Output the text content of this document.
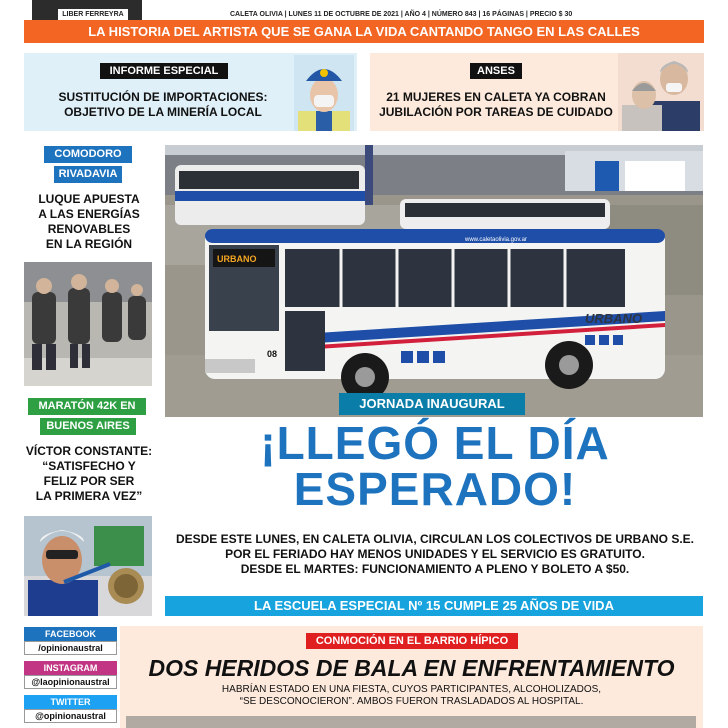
LIBER FERREYRA	CALETA OLIVIA | LUNES 11 DE OCTUBRE DE 2021 | AÑO 4 | NÚMERO 843 | 16 PÁGINAS | PRECIO $ 30
LA HISTORIA DEL ARTISTA QUE SE GANA LA VIDA CANTANDO TANGO EN LAS CALLES
INFORME ESPECIAL
SUSTITUCIÓN DE IMPORTACIONES:
OBJETIVO DE LA MINERÍA LOCAL
ANSES
21 MUJERES EN CALETA YA COBRAN
JUBILACIÓN POR TAREAS DE CUIDADO
COMODORO
RIVADAVIA
LUQUE APUESTA
A LAS ENERGÍAS
RENOVABLES
EN LA REGIÓN
MARATÓN 42K EN
BUENOS AIRES
VÍCTOR CONSTANTE:
“SATISFECHO Y
FELIZ POR SER
LA PRIMERA VEZ”
URBANO
URBANO
www.caletaolivia.gov.ar
08
JORNADA INAUGURAL
¡LLEGÓ EL DÍA
ESPERADO!
DESDE ESTE LUNES, EN CALETA OLIVIA, CIRCULAN LOS COLECTIVOS DE URBANO S.E.
POR EL FERIADO HAY MENOS UNIDADES Y EL SERVICIO ES GRATUITO.
DESDE EL MARTES: FUNCIONAMIENTO A PLENO Y BOLETO A $50.
LA ESCUELA ESPECIAL Nº 15 CUMPLE 25 AÑOS DE VIDA
FACEBOOK
/opinionaustral
INSTAGRAM
@laopinionaustral
TWITTER
@opinionaustral
CONMOCIÓN EN EL BARRIO HÍPICO
DOS HERIDOS DE BALA EN ENFRENTAMIENTO
HABRÍAN ESTADO EN UNA FIESTA, CUYOS PARTICIPANTES, ALCOHOLIZADOS,
“SE DESCONOCIERON”. AMBOS FUERON TRASLADADOS AL HOSPITAL.
